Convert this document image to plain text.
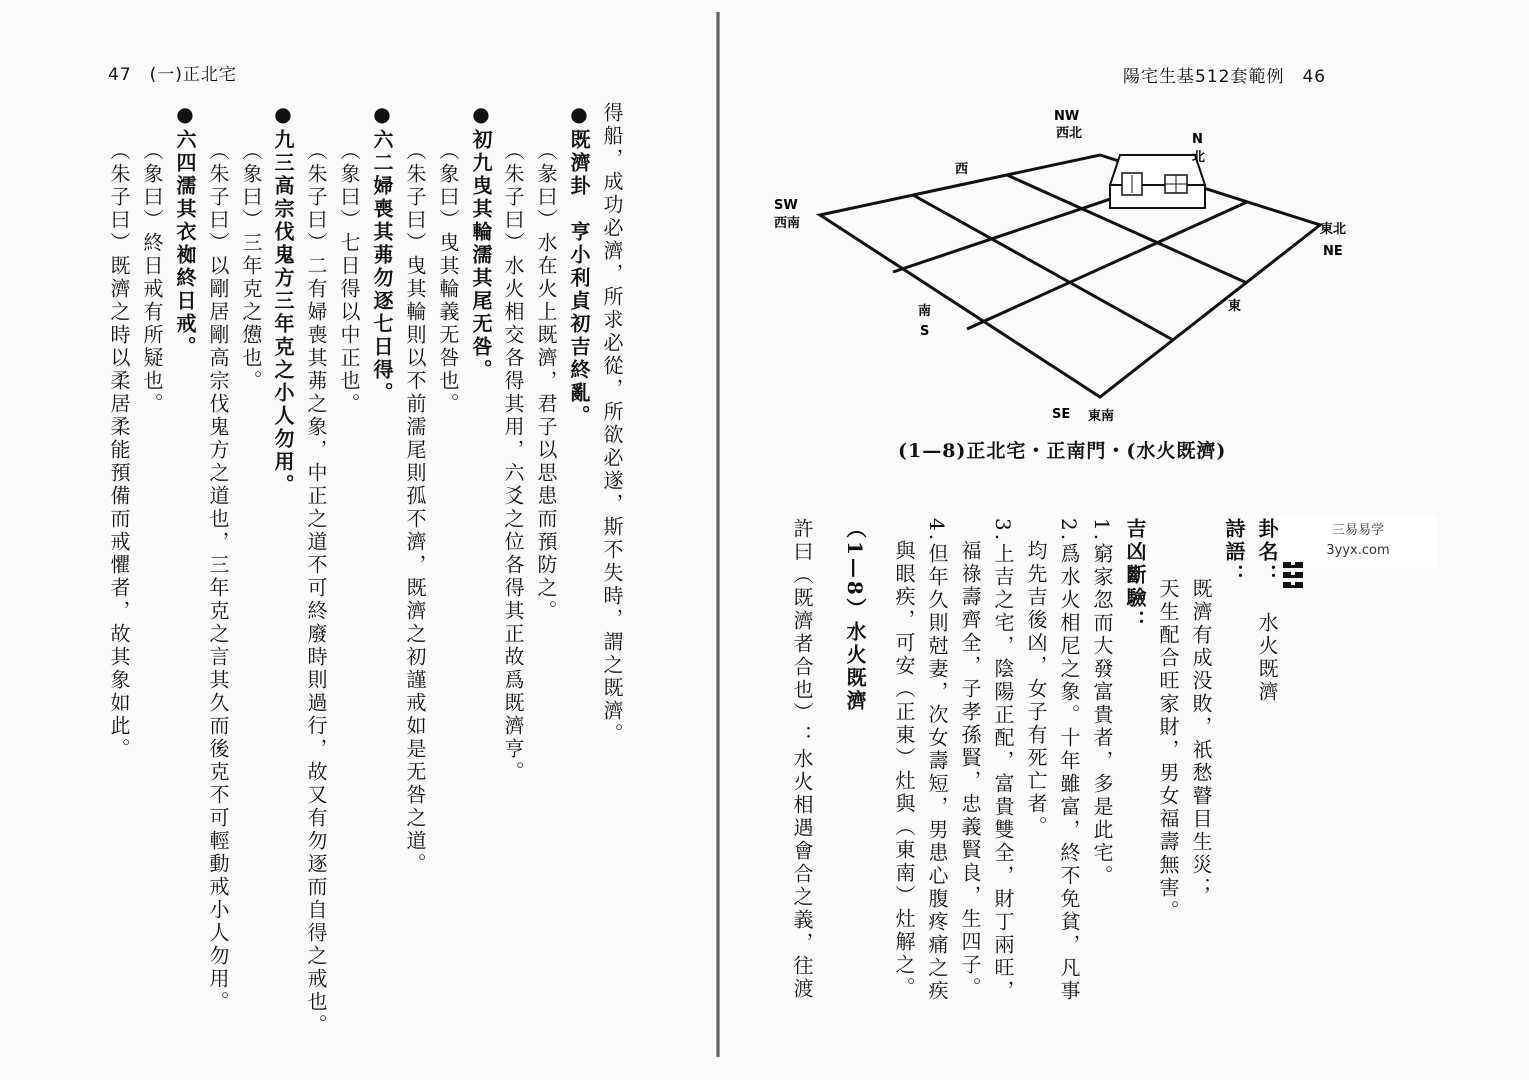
47　(一)正北宅
得船，成功必濟，所求必從，所欲必遂，斯不失時，謂之既濟。
●既濟卦　亨小利貞初吉終亂。
（彖曰）水在火上既濟，君子以思患而預防之。
（朱子曰）水火相交各得其用，六爻之位各得其正故爲既濟亨。
●初九曳其輪濡其尾无咎。
（象曰）曳其輪義无咎也。
（朱子曰）曳其輪則以不前濡尾則孤不濟，既濟之初謹戒如是无咎之道。
●六二婦喪其茀勿逐七日得。
（象曰）七日得以中正也。
（朱子曰）二有婦喪其茀之象，中正之道不可終廢時則過行，故又有勿逐而自得之戒也。
●九三高宗伐鬼方三年克之小人勿用。
（象曰）三年克之憊也。
（朱子曰）以剛居剛高宗伐鬼方之道也，三年克之言其久而後克不可輕動戒小人勿用。
●六四濡其衣袽終日戒。
（象曰）終日戒有所疑也。
（朱子曰）既濟之時以柔居柔能預備而戒懼者，故其象如此。
陽宅生基512套範例　46
NW
西北	N
北
西
SW
西南	東北
NE
南
S
東
SE 東南
(1—8)正北宅・正南門・(水火既濟)
三易易学
3yyx.com
卦名：
水火既濟
詩語：
既濟有成没敗，祇愁瞽目生災；
天生配合旺家財，男女福壽無害。
吉凶斷驗：
1.窮家忽而大發富貴者，多是此宅。
2.爲水火相尼之象。十年雖富，終不免貧，凡事
均先吉後凶，女子有死亡者。
3.上吉之宅，陰陽正配，富貴雙全，財丁兩旺，
福祿壽齊全，子孝孫賢，忠義賢良，生四子。
4.但年久則尅妻，次女壽短，男患心腹疼痛之疾
與眼疾，可安（正東）灶與（東南）灶解之。
（1—8）水火既濟
許曰（既濟者合也）：水火相遇會合之義，往渡
